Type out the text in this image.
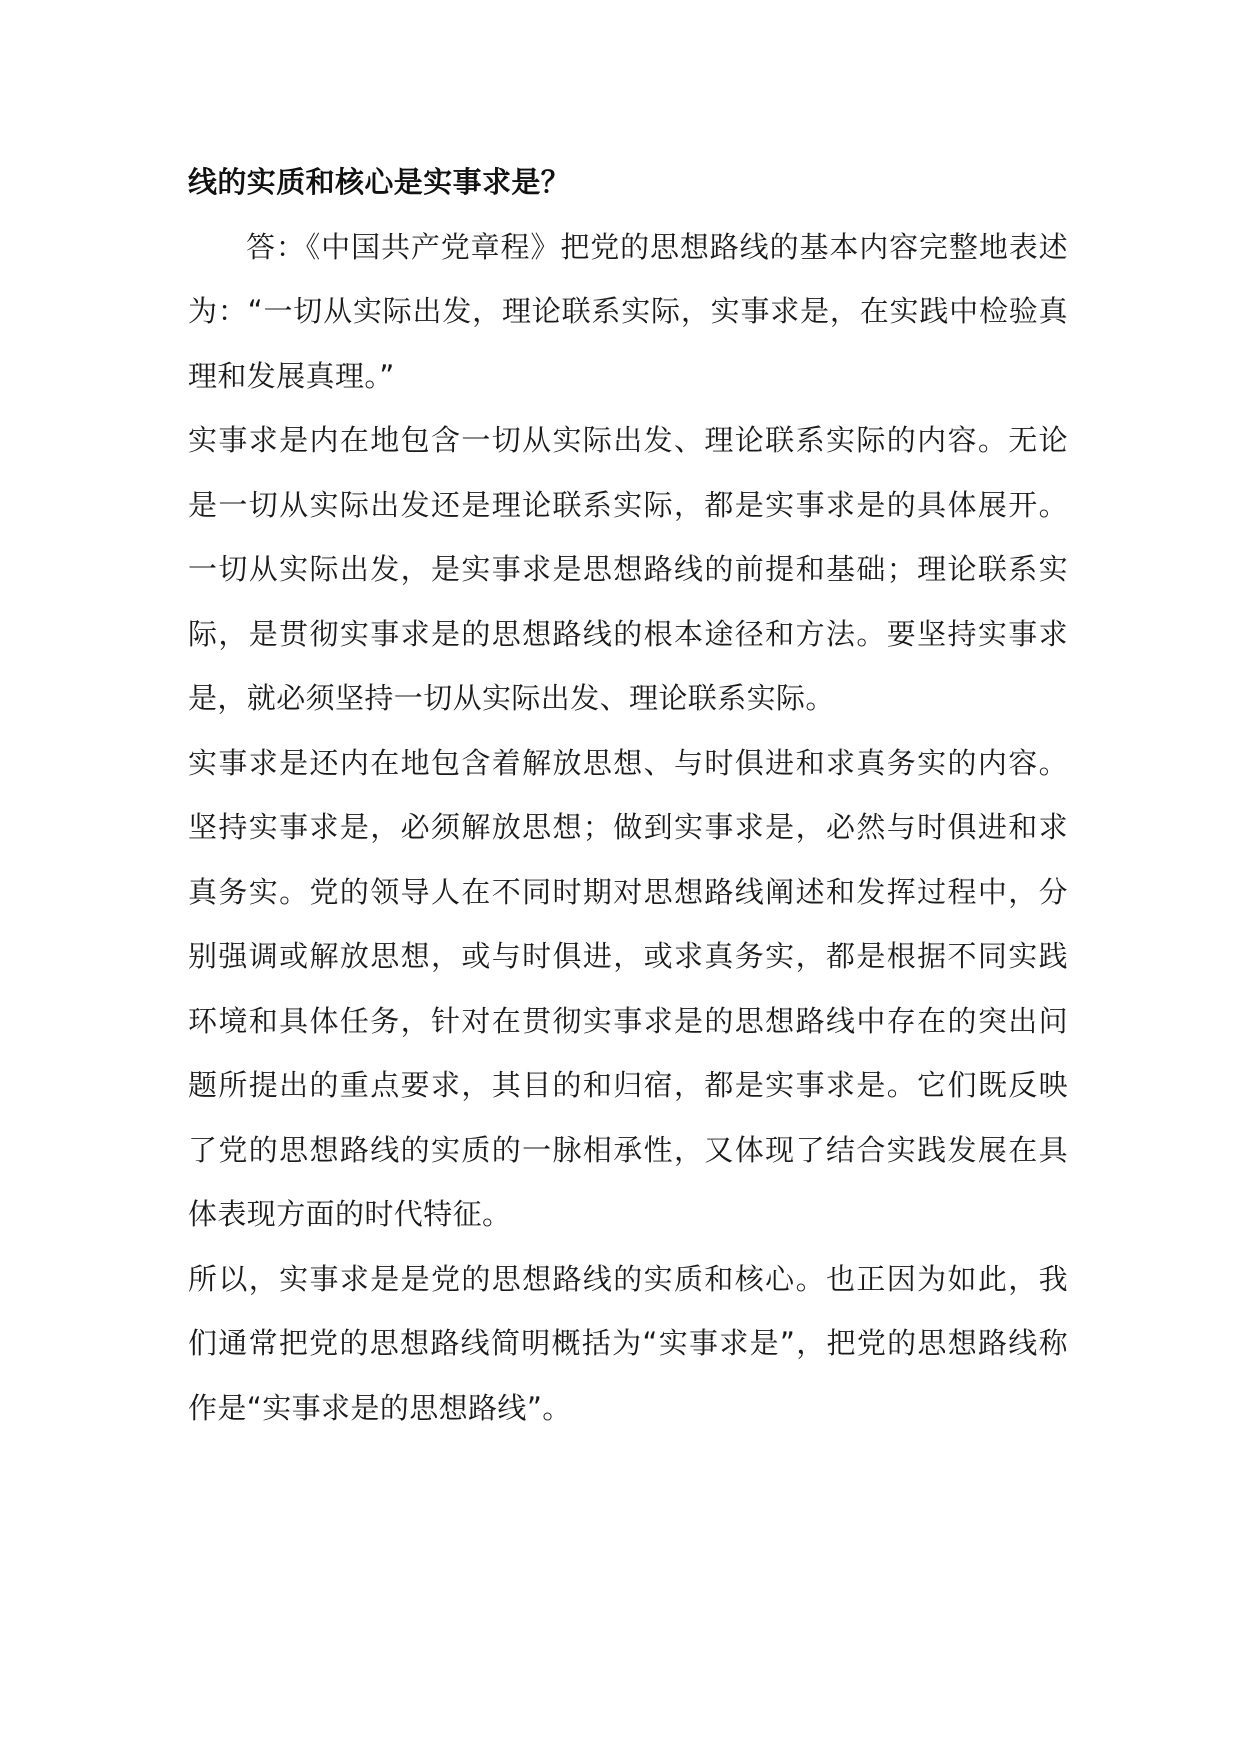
线的实质和核心是实事求是？

答：《中国共产党章程》把党的思想路线的基本内容完整地表述为：“一切从实际出发，理论联系实际，实事求是，在实践中检验真理和发展真理。”

实事求是内在地包含一切从实际出发、理论联系实际的内容。无论是一切从实际出发还是理论联系实际，都是实事求是的具体展开。一切从实际出发，是实事求是思想路线的前提和基础；理论联系实际，是贯彻实事求是的思想路线的根本途径和方法。要坚持实事求是，就必须坚持一切从实际出发、理论联系实际。

实事求是还内在地包含着解放思想、与时俱进和求真务实的内容。坚持实事求是，必须解放思想；做到实事求是，必然与时俱进和求真务实。党的领导人在不同时期对思想路线阐述和发挥过程中，分别强调或解放思想，或与时俱进，或求真务实，都是根据不同实践环境和具体任务，针对在贯彻实事求是的思想路线中存在的突出问题所提出的重点要求，其目的和归宿，都是实事求是。它们既反映了党的思想路线的实质的一脉相承性，又体现了结合实践发展在具体表现方面的时代特征。

所以，实事求是是党的思想路线的实质和核心。也正因为如此，我们通常把党的思想路线简明概括为“实事求是”，把党的思想路线称作是“实事求是的思想路线”。
